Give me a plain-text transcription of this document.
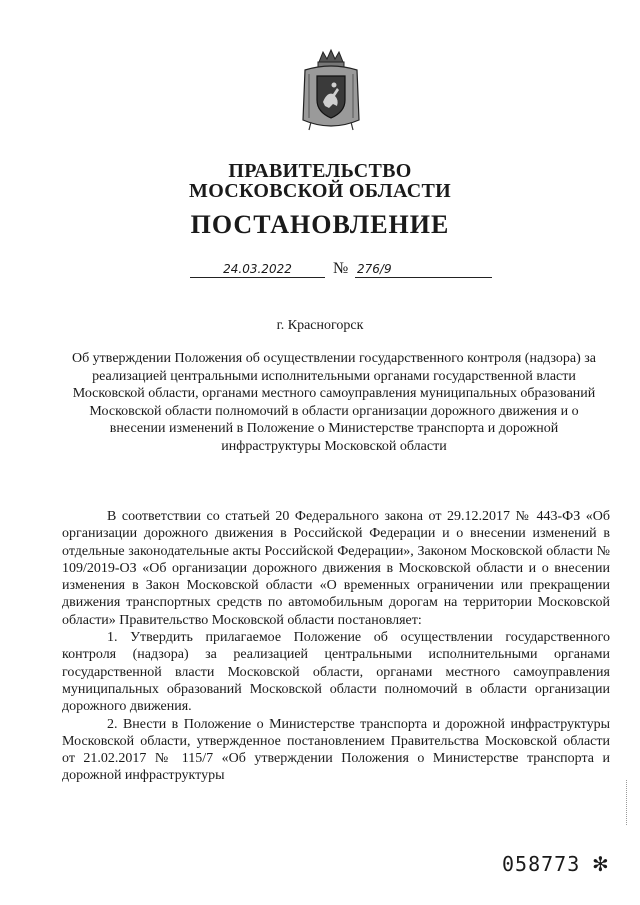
ПРАВИТЕЛЬСТВО
МОСКОВСКОЙ ОБЛАСТИ
ПОСТАНОВЛЕНИЕ
24.03.2022	№ 276/9
г. Красногорск

Об утверждении Положения об осуществлении государственного контроля (надзора) за реализацией центральными исполнительными органами государственной власти Московской области, органами местного самоуправления муниципальных образований Московской области полномочий в области организации дорожного движения и о внесении изменений в Положение о Министерстве транспорта и дорожной инфраструктуры Московской области

В соответствии со статьей 20 Федерального закона от 29.12.2017 № 443-ФЗ «Об организации дорожного движения в Российской Федерации и о внесении изменений в отдельные законодательные акты Российской Федерации», Законом Московской области № 109/2019-ОЗ «Об организации дорожного движения в Московской области и о внесении изменения в Закон Московской области «О временных ограничении или прекращении движения транспортных средств по автомобильным дорогам на территории Московской области» Правительство Московской области постановляет:

1. Утвердить прилагаемое Положение об осуществлении государственного контроля (надзора) за реализацией центральными исполнительными органами государственной власти Московской области, органами местного самоуправления муниципальных образований Московской области полномочий в области организации дорожного движения.

2. Внести в Положение о Министерстве транспорта и дорожной инфраструктуры Московской области, утвержденное постановлением Правительства Московской области от 21.02.2017 № 115/7 «Об утверждении Положения о Министерстве транспорта и дорожной инфраструктуры

058773 ✻
